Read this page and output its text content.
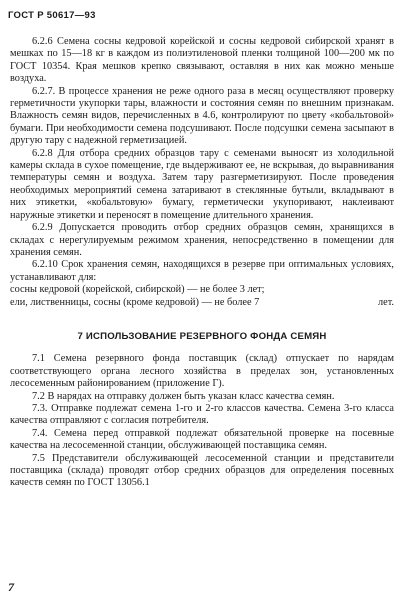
ГОСТ Р 50617—93

6.2.6 Семена сосны кедровой корейской и сосны кедровой сибирской хранят в мешках по 15—18 кг в каждом из полиэтиленовой пленки толщиной 100—200 мк по ГОСТ 10354. Края мешков крепко связывают, оставляя в них как можно меньше воздуха.

6.2.7. В процессе хранения не реже одного раза в месяц осуществляют проверку герметичности укупорки тары, влажности и состояния семян по внешним признакам. Влажность семян видов, перечисленных в 4.6, контролируют по цвету «кобальтовой» бумаги. При необходимости семена подсушивают. После подсушки семена засыпают в другую тару с надежной герметизацией.

6.2.8 Для отбора средних образцов тару с семенами выносят из холодильной камеры склада в сухое помещение, где выдерживают ее, не вскрывая, до выравнивания температуры семян и воздуха. Затем тару разгерметизируют. После проведения необходимых мероприятий семена затаривают в стеклянные бутыли, вкладывают в них этикетки, «кобальтовую» бумагу, герметически укупоривают, наклеивают наружные этикетки и переносят в помещение длительного хранения.

6.2.9 Допускается проводить отбор средних образцов семян, хранящихся в складах с нерегулируемым режимом хранения, непосредственно в помещении для хранения семян.

6.2.10 Срок хранения семян, находящихся в резерве при оптимальных условиях, устанавливают для:

сосны кедровой (корейской, сибирской) — не более 3 лет;

ели, лиственницы, сосны (кроме кедровой) — не более 7	лет.
7 ИСПОЛЬЗОВАНИЕ РЕЗЕРВНОГО ФОНДА СЕМЯН

7.1 Семена резервного фонда поставщик (склад) отпускает по нарядам соответствующего органа лесного хозяйства в пределах зон, установленных лесосеменным районированием (приложение Г).

7.2 В нарядах на отправку должен быть указан класс качества семян.

7.3. Отправке подлежат семена 1-го и 2-го классов качества. Семена 3-го класса качества отправляют с согласия потребителя.

7.4. Семена перед отправкой подлежат обязательной проверке на посевные качества на лесосеменной станции, обслуживающей поставщика семян.

7.5 Представители обслуживающей лесосеменной станции и представители поставщика (склада) проводят отбор средних образцов для определения посевных качеств семян по ГОСТ 13056.1

7
